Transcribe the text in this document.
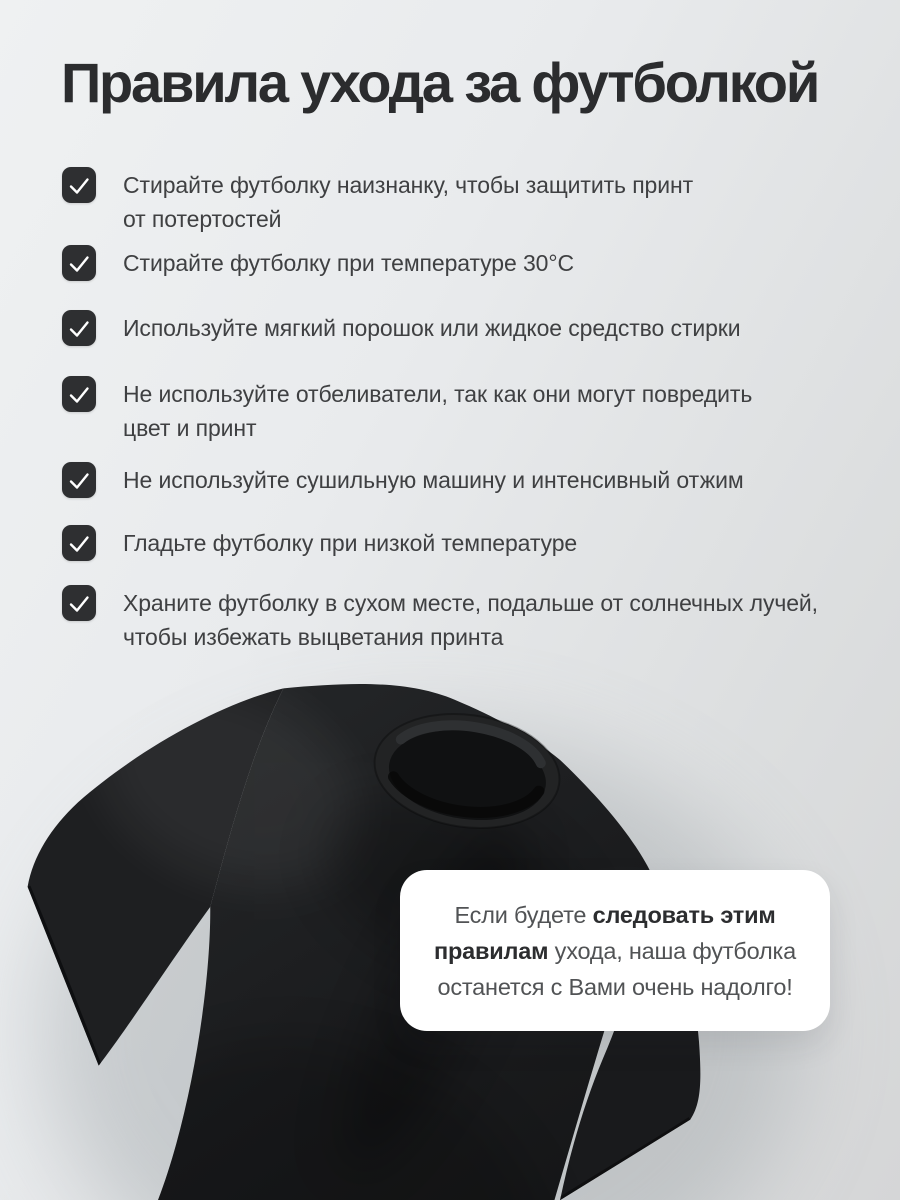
Правила ухода за футболкой
Стирайте футболку наизнанку, чтобы защитить принт
от потертостей
Стирайте футболку при температуре 30°C
Используйте мягкий порошок или жидкое средство стирки
Не используйте отбеливатели, так как они могут повредить
цвет и принт
Не используйте сушильную машину и интенсивный отжим
Гладьте футболку при низкой температуре
Храните футболку в сухом месте, подальше от солнечных лучей,
чтобы избежать выцветания принта
Если будете следовать этим
правилам ухода, наша футболка
останется с Вами очень надолго!
